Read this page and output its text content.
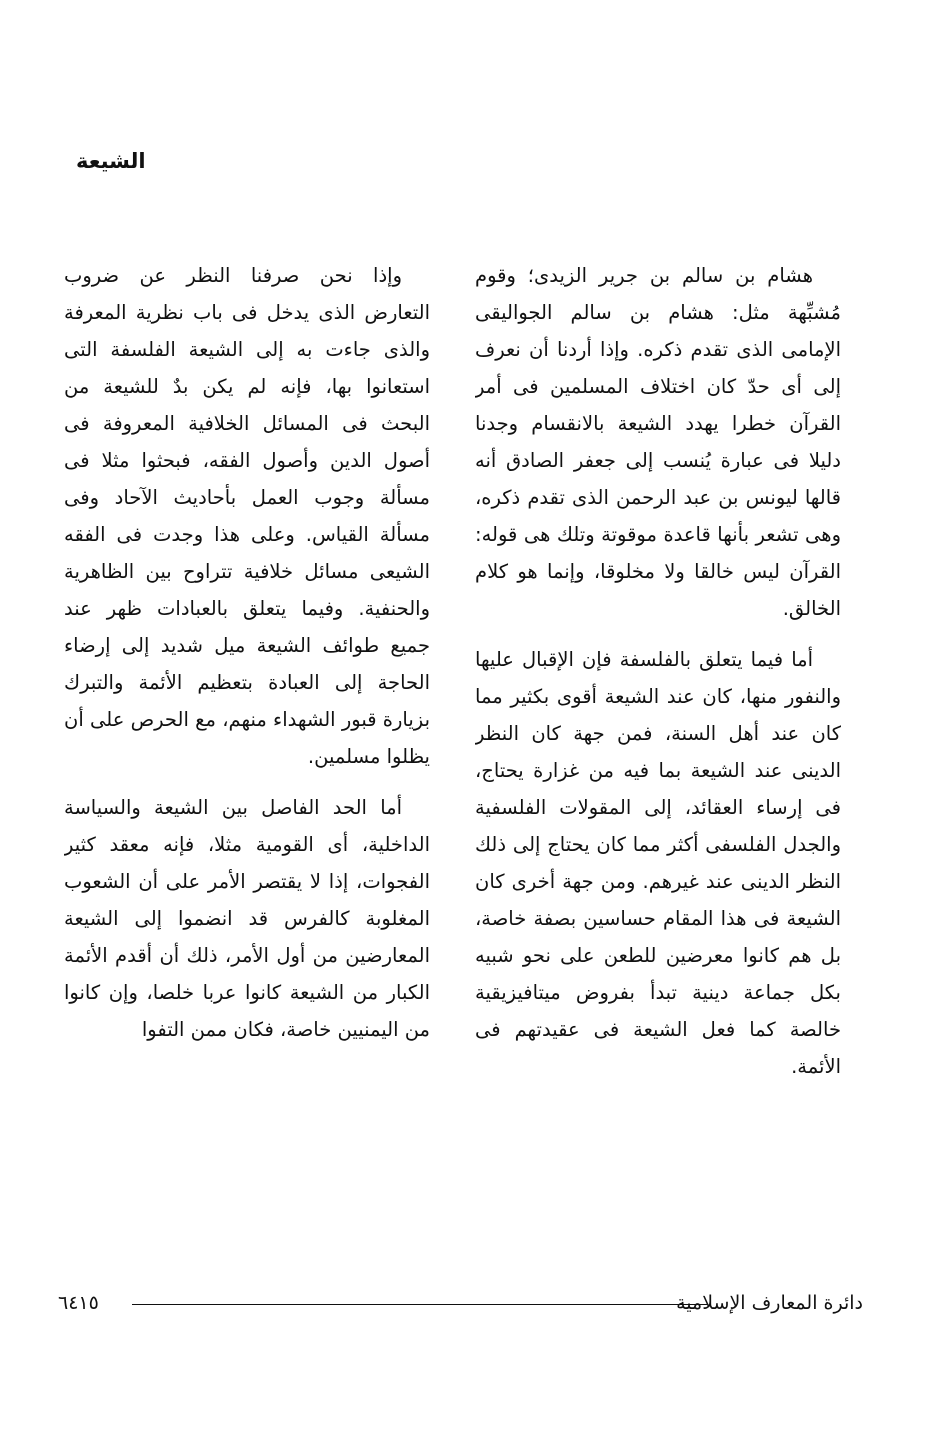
الشيعة

هشام بن سالم بن جرير الزيدى؛ وقوم مُشبِّهة مثل: هشام بن سالم الجواليقى الإمامى الذى تقدم ذكره. وإذا أردنا أن نعرف إلى أى حدّ كان اختلاف المسلمين فى أمر القرآن خطرا يهدد الشيعة بالانقسام وجدنا دليلا فى عبارة يُنسب إلى جعفر الصادق أنه قالها ليونس بن عبد الرحمن الذى تقدم ذكره، وهى تشعر بأنها قاعدة موقوتة وتلك هى قوله: القرآن ليس خالقا ولا مخلوقا، وإنما هو كلام الخالق.

أما فيما يتعلق بالفلسفة فإن الإقبال عليها والنفور منها، كان عند الشيعة أقوى بكثير مما كان عند أهل السنة، فمن جهة كان النظر الدينى عند الشيعة بما فيه من غزارة يحتاج، فى إرساء العقائد، إلى المقولات الفلسفية والجدل الفلسفى أكثر مما كان يحتاج إلى ذلك النظر الدينى عند غيرهم. ومن جهة أخرى كان الشيعة فى هذا المقام حساسين بصفة خاصة، بل هم كانوا معرضين للطعن على نحو شبيه بكل جماعة دينية تبدأ بفروض ميتافيزيقية خالصة كما فعل الشيعة فى عقيدتهم فى الأئمة.

وإذا نحن صرفنا النظر عن ضروب التعارض الذى يدخل فى باب نظرية المعرفة والذى جاءت به إلى الشيعة الفلسفة التى استعانوا بها، فإنه لم يكن بدٌ للشيعة من البحث فى المسائل الخلافية المعروفة فى أصول الدين وأصول الفقه، فبحثوا مثلا فى مسألة وجوب العمل بأحاديث الآحاد وفى مسألة القياس. وعلى هذا وجدت فى الفقه الشيعى مسائل خلافية تتراوح بين الظاهرية والحنفية. وفيما يتعلق بالعبادات ظهر عند جميع طوائف الشيعة ميل شديد إلى إرضاء الحاجة إلى العبادة بتعظيم الأئمة والتبرك بزيارة قبور الشهداء منهم، مع الحرص على أن يظلوا مسلمين.

أما الحد الفاصل بين الشيعة والسياسة الداخلية، أى القومية مثلا، فإنه معقد كثير الفجوات، إذا لا يقتصر الأمر على أن الشعوب المغلوبة كالفرس قد انضموا إلى الشيعة المعارضين من أول الأمر، ذلك أن أقدم الأئمة الكبار من الشيعة كانوا عربا خلصا، وإن كانوا من اليمنيين خاصة، فكان ممن التفوا

٦٤١٥	دائرة المعارف الإسلامية
